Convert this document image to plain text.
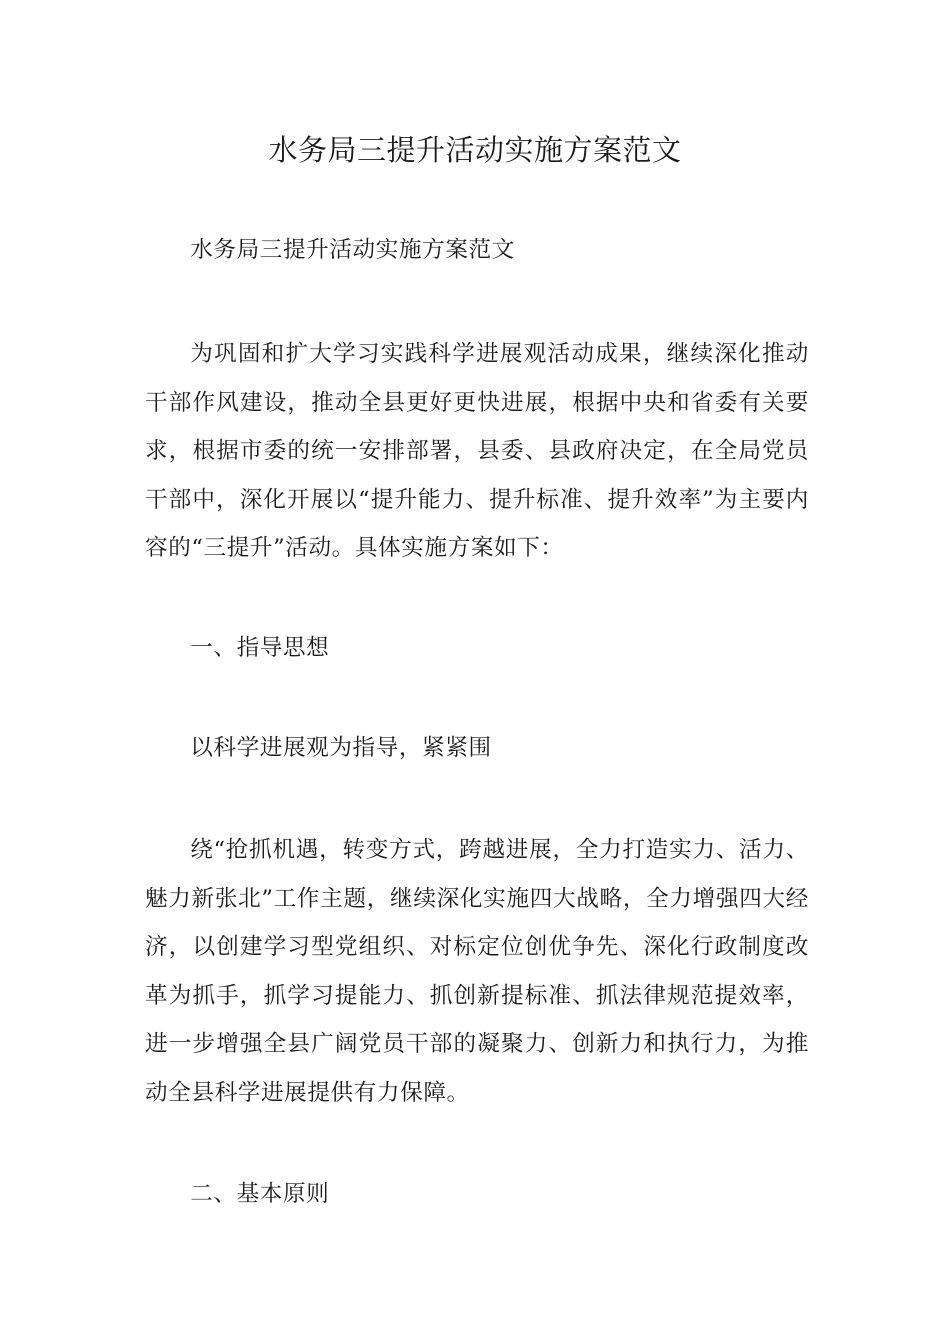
水务局三提升活动实施方案范文

水务局三提升活动实施方案范文

为巩固和扩大学习实践科学进展观活动成果，继续深化推动干部作风建设，推动全县更好更快进展，根据中央和省委有关要求，根据市委的统一安排部署，县委、县政府决定，在全局党员干部中，深化开展以“提升能力、提升标准、提升效率”为主要内容的“三提升”活动。具体实施方案如下：

一、指导思想

以科学进展观为指导，紧紧围

绕“抢抓机遇，转变方式，跨越进展，全力打造实力、活力、魅力新张北”工作主题，继续深化实施四大战略，全力增强四大经济，以创建学习型党组织、对标定位创优争先、深化行政制度改革为抓手，抓学习提能力、抓创新提标准、抓法律规范提效率，进一步增强全县广阔党员干部的凝聚力、创新力和执行力，为推动全县科学进展提供有力保障。

二、基本原则
